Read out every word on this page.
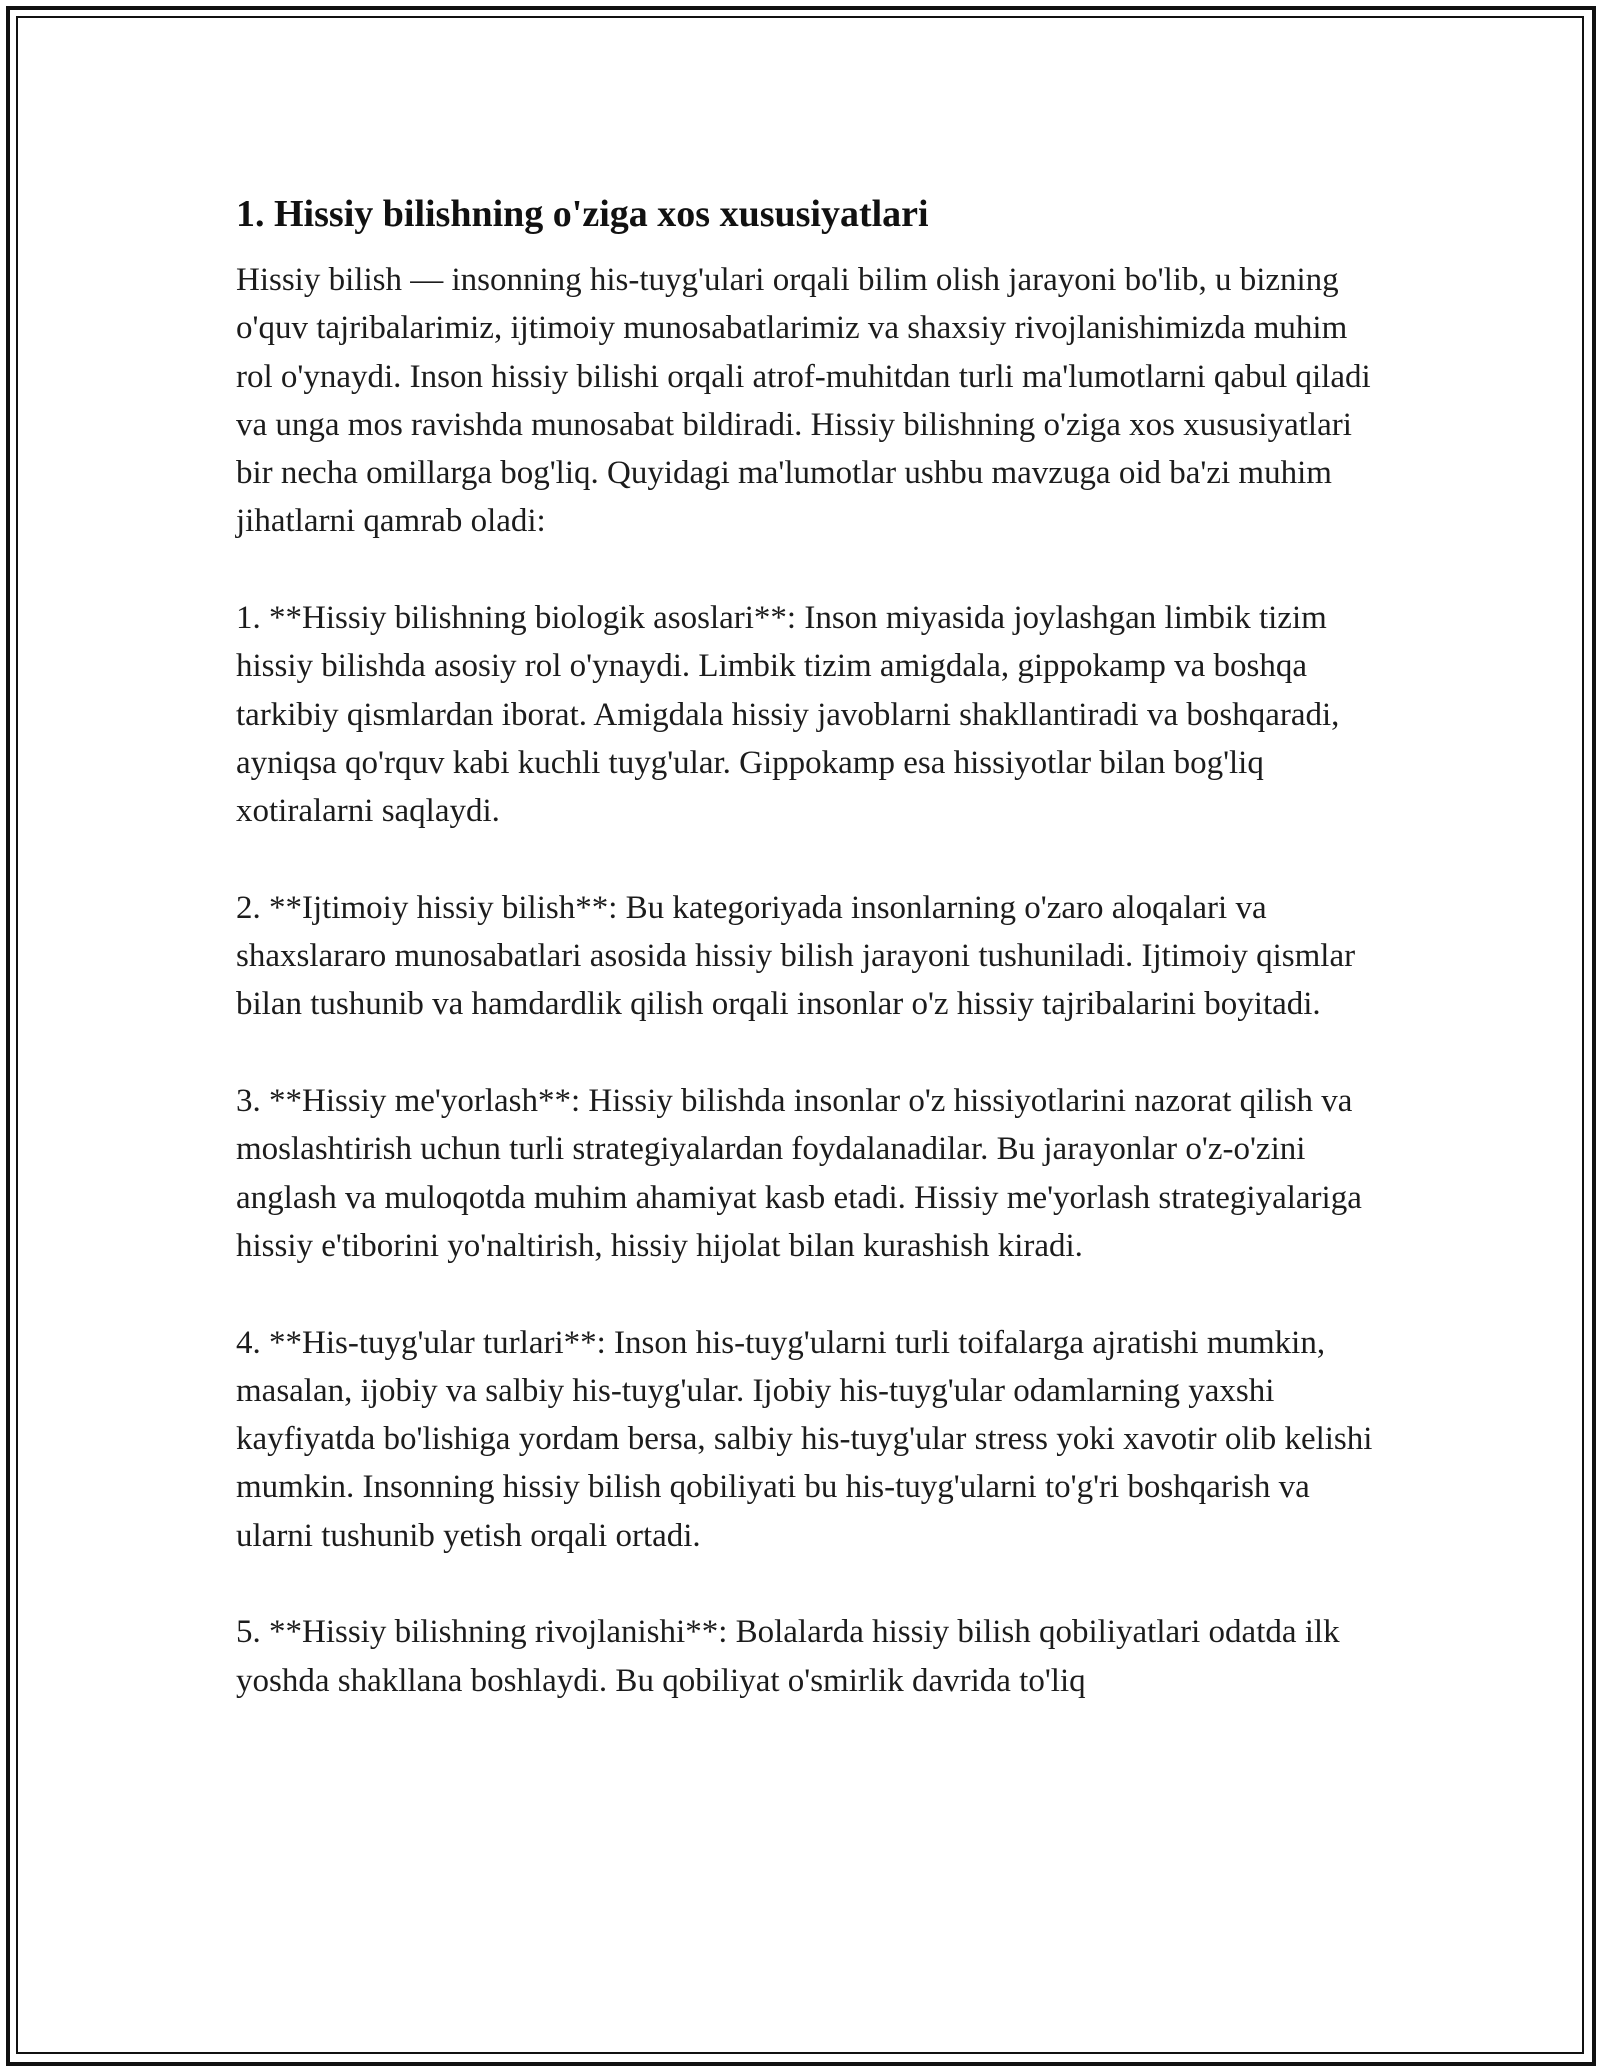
1. Hissiy bilishning o'ziga xos xususiyatlari

Hissiy bilish — insonning his-tuyg'ulari orqali bilim olish jarayoni bo'lib, u bizning o'quv tajribalarimiz, ijtimoiy munosabatlarimiz va shaxsiy rivojlanishimizda muhim rol o'ynaydi. Inson hissiy bilishi orqali atrof-muhitdan turli ma'lumotlarni qabul qiladi va unga mos ravishda munosabat bildiradi. Hissiy bilishning o'ziga xos xususiyatlari bir necha omillarga bog'liq. Quyidagi ma'lumotlar ushbu mavzuga oid ba'zi muhim jihatlarni qamrab oladi:

1. **Hissiy bilishning biologik asoslari**: Inson miyasida joylashgan limbik tizim hissiy bilishda asosiy rol o'ynaydi. Limbik tizim amigdala, gippokamp va boshqa tarkibiy qismlardan iborat. Amigdala hissiy javoblarni shakllantiradi va boshqaradi, ayniqsa qo'rquv kabi kuchli tuyg'ular. Gippokamp esa hissiyotlar bilan bog'liq xotiralarni saqlaydi.

2. **Ijtimoiy hissiy bilish**: Bu kategoriyada insonlarning o'zaro aloqalari va shaxslararo munosabatlari asosida hissiy bilish jarayoni tushuniladi. Ijtimoiy qismlar bilan tushunib va hamdardlik qilish orqali insonlar o'z hissiy tajribalarini boyitadi.

3. **Hissiy me'yorlash**: Hissiy bilishda insonlar o'z hissiyotlarini nazorat qilish va moslashtirish uchun turli strategiyalardan foydalanadilar. Bu jarayonlar o'z-o'zini anglash va muloqotda muhim ahamiyat kasb etadi. Hissiy me'yorlash strategiyalariga hissiy e'tiborini yo'naltirish, hissiy hijolat bilan kurashish kiradi.

4. **His-tuyg'ular turlari**: Inson his-tuyg'ularni turli toifalarga ajratishi mumkin, masalan, ijobiy va salbiy his-tuyg'ular. Ijobiy his-tuyg'ular odamlarning yaxshi kayfiyatda bo'lishiga yordam bersa, salbiy his-tuyg'ular stress yoki xavotir olib kelishi mumkin. Insonning hissiy bilish qobiliyati bu his-tuyg'ularni to'g'ri boshqarish va ularni tushunib yetish orqali ortadi.

5. **Hissiy bilishning rivojlanishi**: Bolalarda hissiy bilish qobiliyatlari odatda ilk yoshda shakllana boshlaydi. Bu qobiliyat o'smirlik davrida to'liq
